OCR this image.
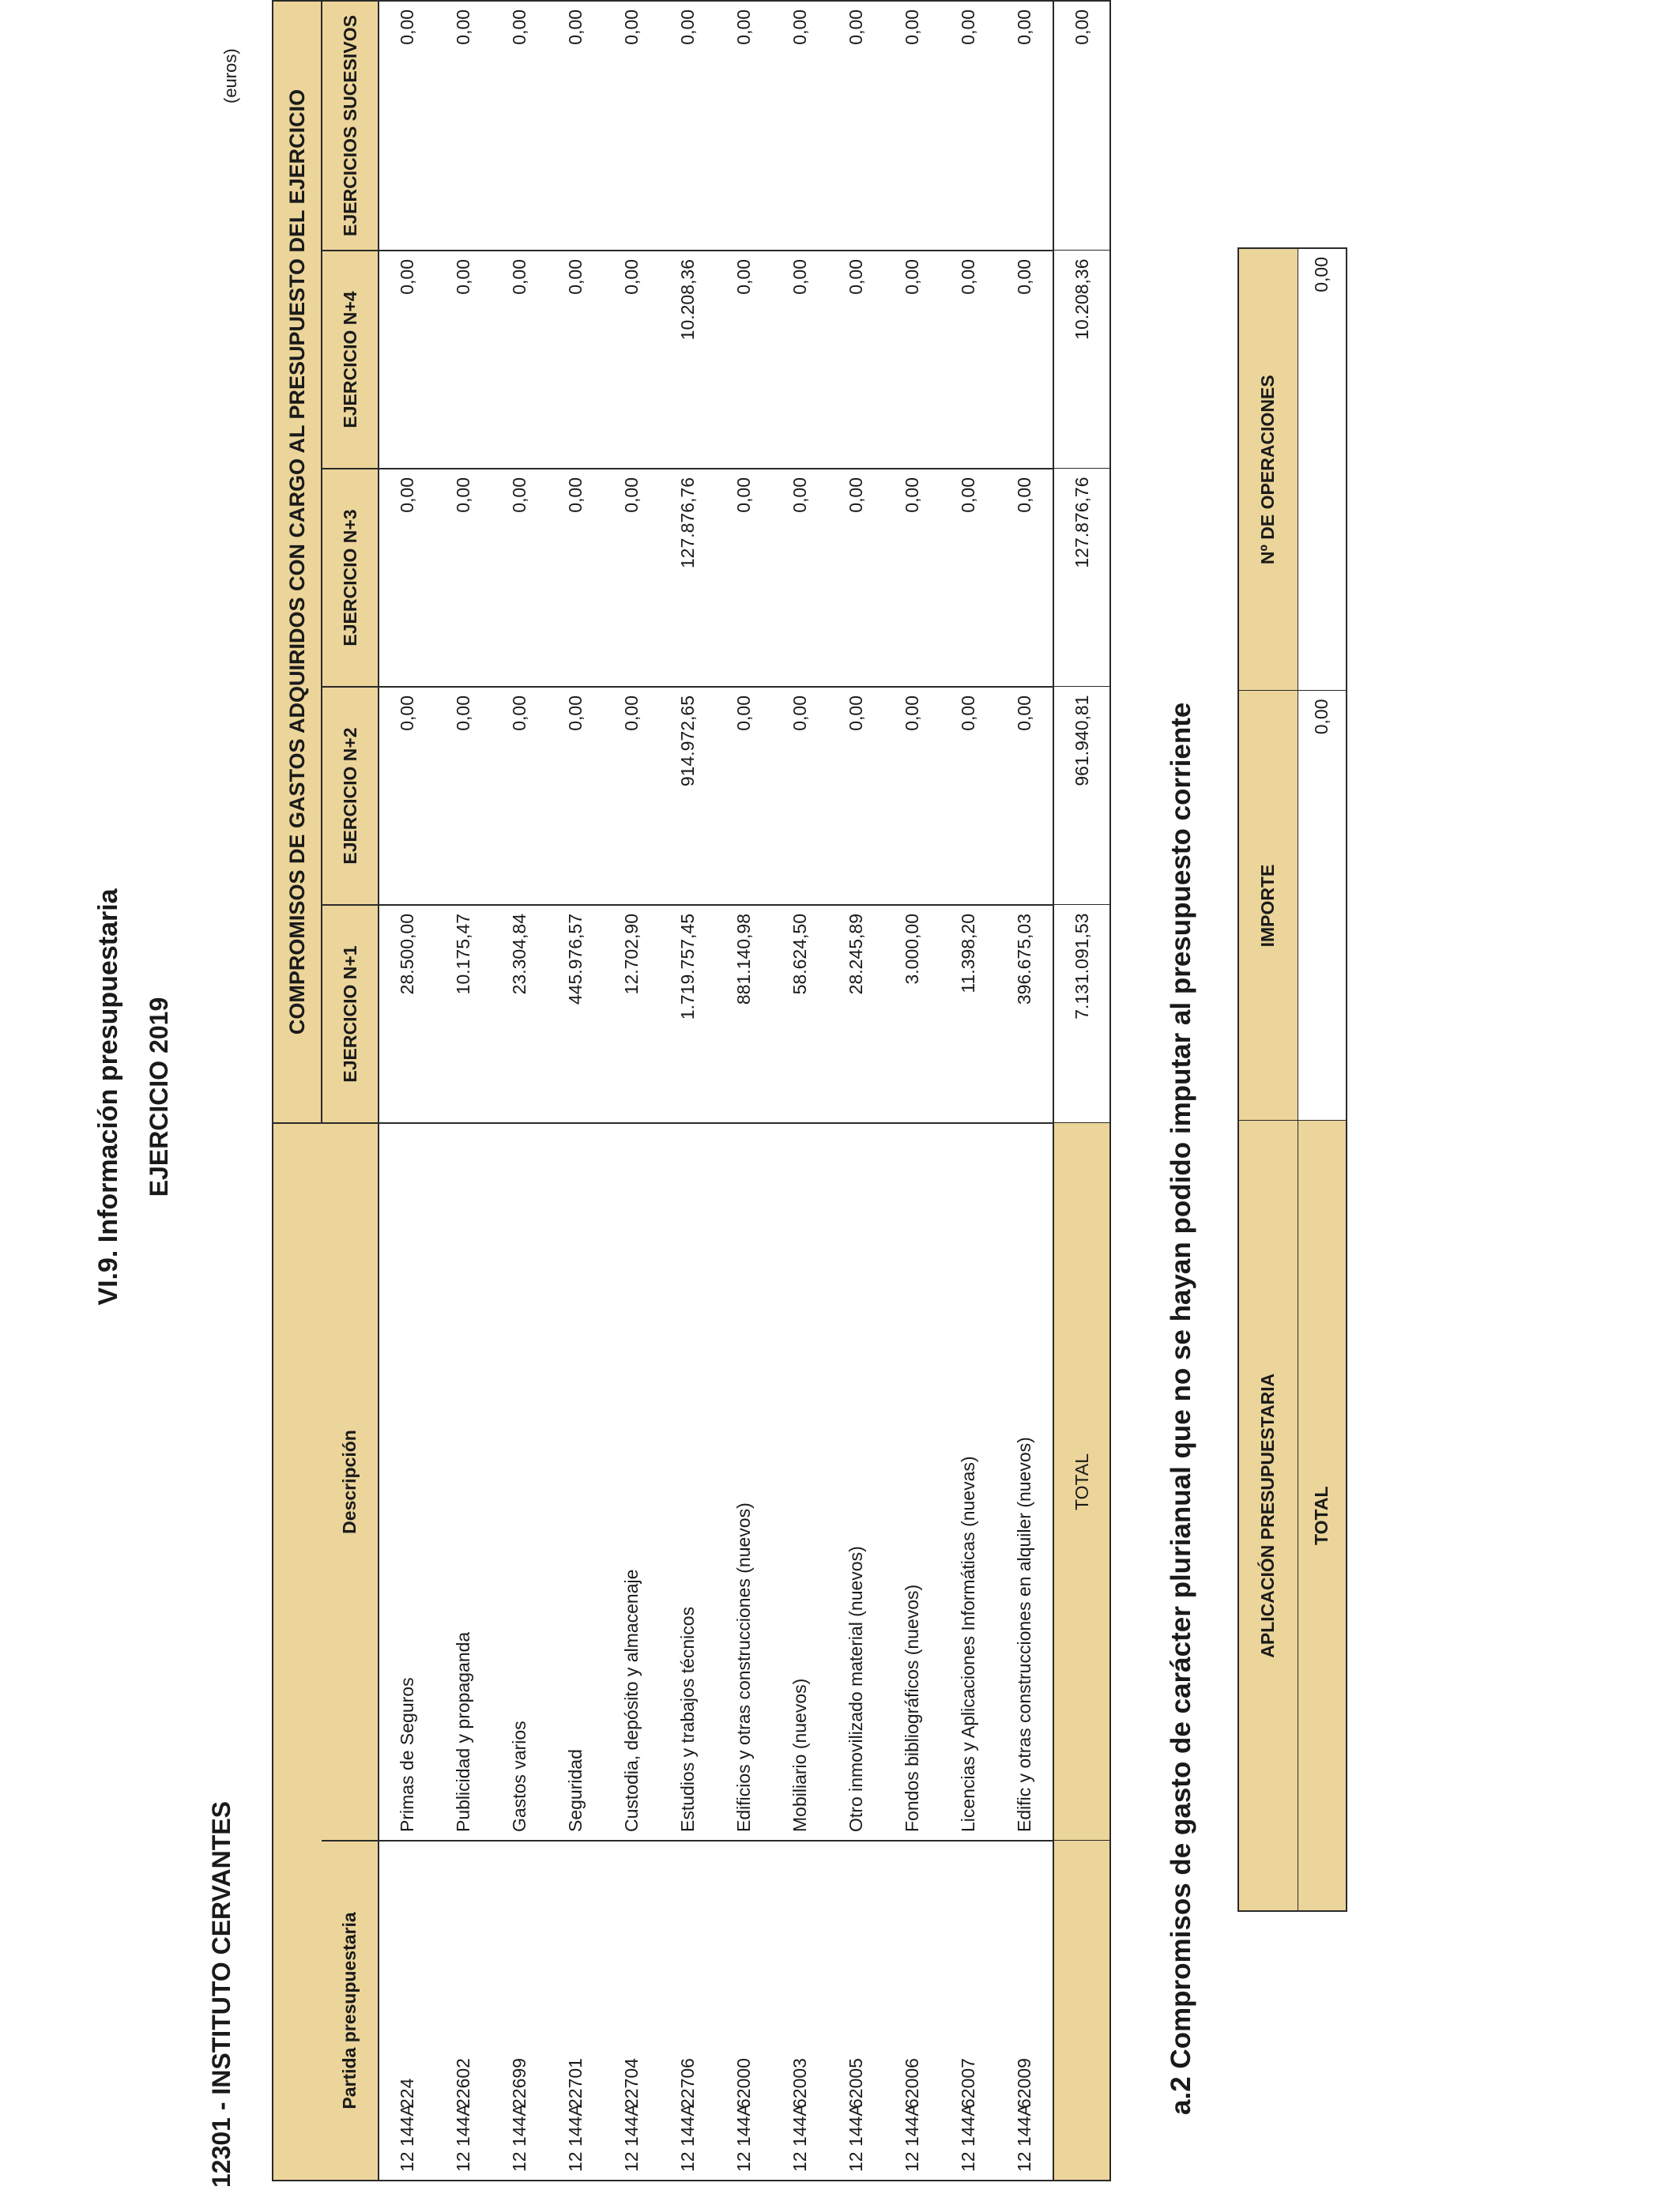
VI.9. Información presupuestaria EJERCICIO 2019
12301 - INSTITUTO CERVANTES
(euros)
		COMPROMISOS DE GASTOS ADQUIRIDOS CON CARGO AL PRESUPUESTO DEL EJERCICIO				
Partida presupuestaria	Descripción	EJERCICIO N+1	EJERCICIO N+2	EJERCICIO N+3	EJERCICIO N+4	EJERCICIOS SUCESIVOS
12 144A224	Primas de Seguros	28.500,00	0,00	0,00	0,00	0,00
12 144A22602	Publicidad y propaganda	10.175,47	0,00	0,00	0,00	0,00
12 144A22699	Gastos varios	23.304,84	0,00	0,00	0,00	0,00
12 144A22701	Seguridad	445.976,57	0,00	0,00	0,00	0,00
12 144A22704	Custodia, depósito y almacenaje	12.702,90	0,00	0,00	0,00	0,00
12 144A22706	Estudios y trabajos técnicos	1.719.757,45	914.972,65	127.876,76	10.208,36	0,00
12 144A62000	Edificios y otras construcciones (nuevos)	881.140,98	0,00	0,00	0,00	0,00
12 144A62003	Mobiliario (nuevos)	58.624,50	0,00	0,00	0,00	0,00
12 144A62005	Otro inmovilizado material (nuevos)	28.245,89	0,00	0,00	0,00	0,00
12 144A62006	Fondos bibliográficos (nuevos)	3.000,00	0,00	0,00	0,00	0,00
12 144A62007	Licencias y Aplicaciones Informáticas (nuevas)	11.398,20	0,00	0,00	0,00	0,00
12 144A62009	Edific y otras construcciones en alquiler (nuevos)	396.675,03	0,00	0,00	0,00	0,00
	TOTAL	7.131.091,53	961.940,81	127.876,76	10.208,36	0,00
a.2 Compromisos de gasto de carácter plurianual que no se hayan podido imputar al presupuesto corriente	APLICACIÓN PRESUPUESTARIA	IMPORTE	Nº DE OPERACIONES
TOTAL	0,00	0,00
